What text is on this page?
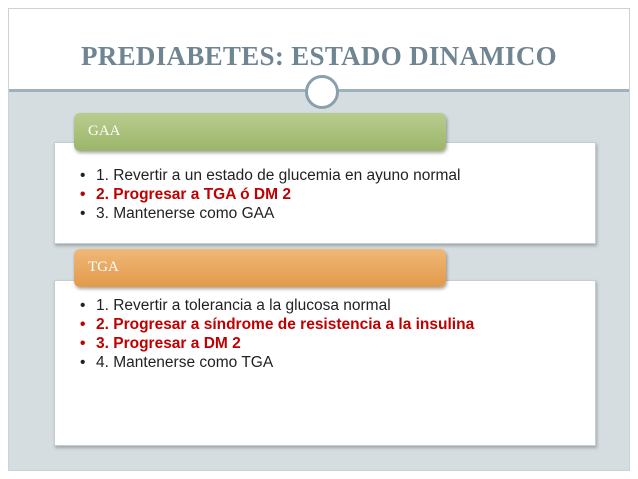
PREDIABETES: ESTADO DINAMICO
GAA
• 1. Revertir a un estado de glucemia en ayuno normal
• 2. Progresar a TGA ó DM 2
• 3. Mantenerse como GAA
TGA
• 1. Revertir a tolerancia a la glucosa normal
• 2. Progresar a síndrome de resistencia a la insulina
• 3. Progresar a DM 2
• 4. Mantenerse como TGA
